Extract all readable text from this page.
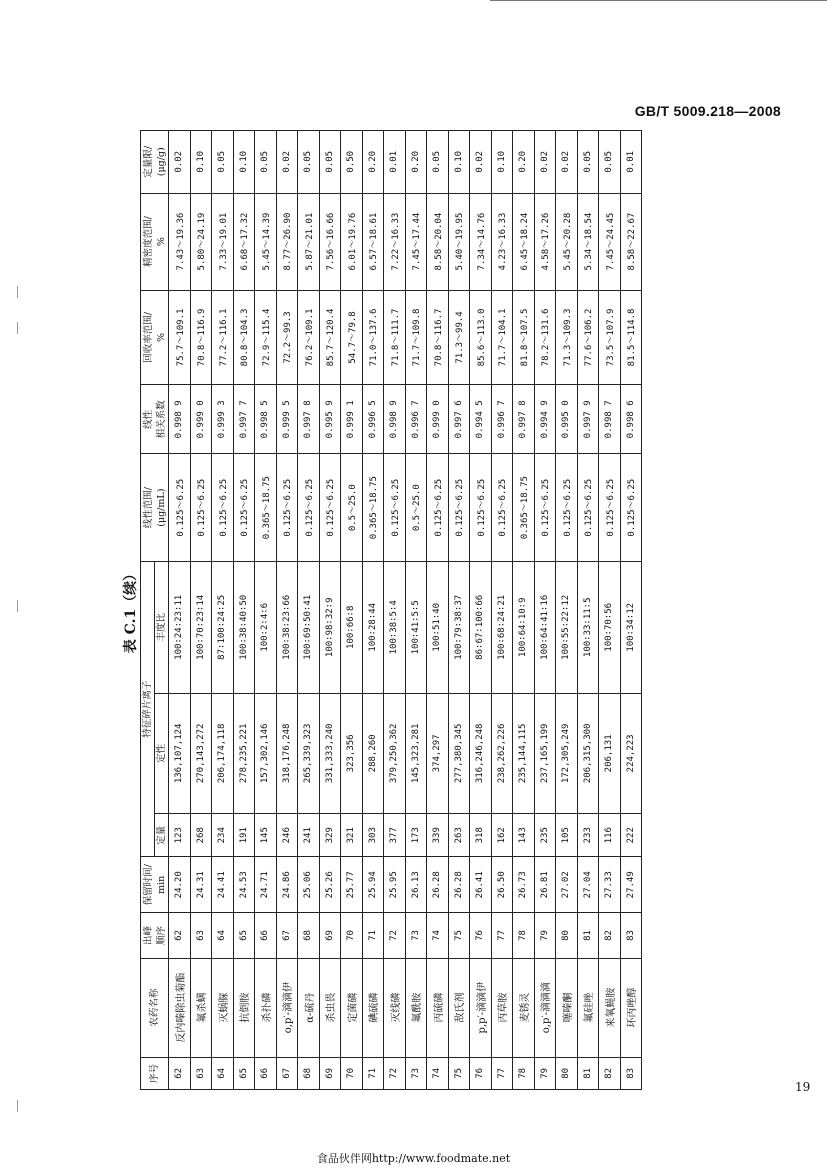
GB/T 5009.218—2008
表 C.1（续）
序号	农药名称	出峰 顺序	保留时间/ min	特征碎片离子			线性范围/ (μg/mL)	线性 相关系数	回收率范围/ %	精密度范围/ %	定量限/ (μg/g)
				定量	定性	丰度比					
62	反内嗪除虫菊酯	62	24.20	123	136,107,124	100∶24∶23∶11	0.125～6.25	0.998 9	75.7～109.1	7.43～19.36	0.02
63	氟杀螨	63	24.31	268	270,143,272	100∶70∶23∶14	0.125～6.25	0.999 0	70.8～116.9	5.80～24.19	0.10
64	灭蜗脲	64	24.41	234	206,174,118	87∶100∶24∶25	0.125～6.25	0.999 3	77.2～116.1	7.33～19.01	0.05
65	抗倒胺	65	24.53	191	278,235,221	100∶38∶40∶50	0.125～6.25	0.997 7	80.8～104.3	6.68～17.32	0.10
66	杀扑磷	66	24.71	145	157,302,146	100∶2∶4∶6	0.365～18.75	0.998 5	72.9～115.4	5.45～14.39	0.05
67	o,p′-滴滴伊	67	24.86	246	318,176,248	100∶38∶23∶66	0.125～6.25	0.999 5	72.2～99.3	8.77～26.90	0.02
68	α-硫丹	68	25.06	241	265,339,323	100∶69∶50∶41	0.125～6.25	0.997 8	76.2～109.1	5.87～21.01	0.05
69	杀虫畏	69	25.26	329	331,333,240	100∶98∶32∶9	0.125～6.25	0.995 9	85.7～120.4	7.56～16.66	0.05
70	定菌磷	70	25.77	321	323,356	100∶66∶8	0.5～25.0	0.999 1	54.7～79.8	6.01～19.76	0.50
71	碘硫磷	71	25.94	303	288,260	100∶28∶44	0.365～18.75	0.996 5	71.0～137.6	6.57～18.61	0.20
72	灭线磷	72	25.95	377	379,250,362	100∶38∶5∶4	0.125～6.25	0.998 9	71.8～111.7	7.22～16.33	0.01
73	氟酰胺	73	26.13	173	145,323,281	100∶41∶5∶5	0.5～25.0	0.996 7	71.7～109.8	7.45～17.44	0.20
74	丙硫磷	74	26.28	339	374,297	100∶51∶40	0.125～6.25	0.999 0	70.8～116.7	8.58～20.04	0.05
75	敌氏剂	75	26.28	263	277,380,345	100∶79∶38∶37	0.125～6.25	0.997 6	71.3～99.4	5.40～19.95	0.10
76	p,p′-滴滴伊	76	26.41	318	316,246,248	86∶67∶100∶66	0.125～6.25	0.994 5	85.6～113.0	7.34～14.76	0.02
77	丙草胺	77	26.50	162	238,262,226	100∶68∶24∶21	0.125～6.25	0.996 7	71.7～104.1	4.23～16.33	0.10
78	麦锈灵	78	26.73	143	235,144,115	100∶64∶10∶9	0.365～18.75	0.997 8	81.8～107.5	6.45～18.24	0.20
79	o,p′-滴滴滴	79	26.81	235	237,165,199	100∶64∶41∶16	0.125～6.25	0.994 9	78.2～131.6	4.58～17.26	0.02
80	噻嗪酮	80	27.02	105	172,305,249	100∶55∶22∶12	0.125～6.25	0.995 0	71.3～109.3	5.45～20.28	0.02
81	氟硅唑	81	27.04	233	206,315,300	100∶33∶11∶5	0.125～6.25	0.997 9	77.6～106.2	5.34～18.54	0.05
82	来氧蝇胺	82	27.33	116	206,131	100∶70∶56	0.125～6.25	0.998 7	73.5～107.9	7.45～24.45	0.05
83	环丙唑醇	83	27.49	222	224,223	100∶34∶12	0.125～6.25	0.998 6	81.5～114.8	8.58～22.67	0.01
19
食品伙伴网http://www.foodmate.net
